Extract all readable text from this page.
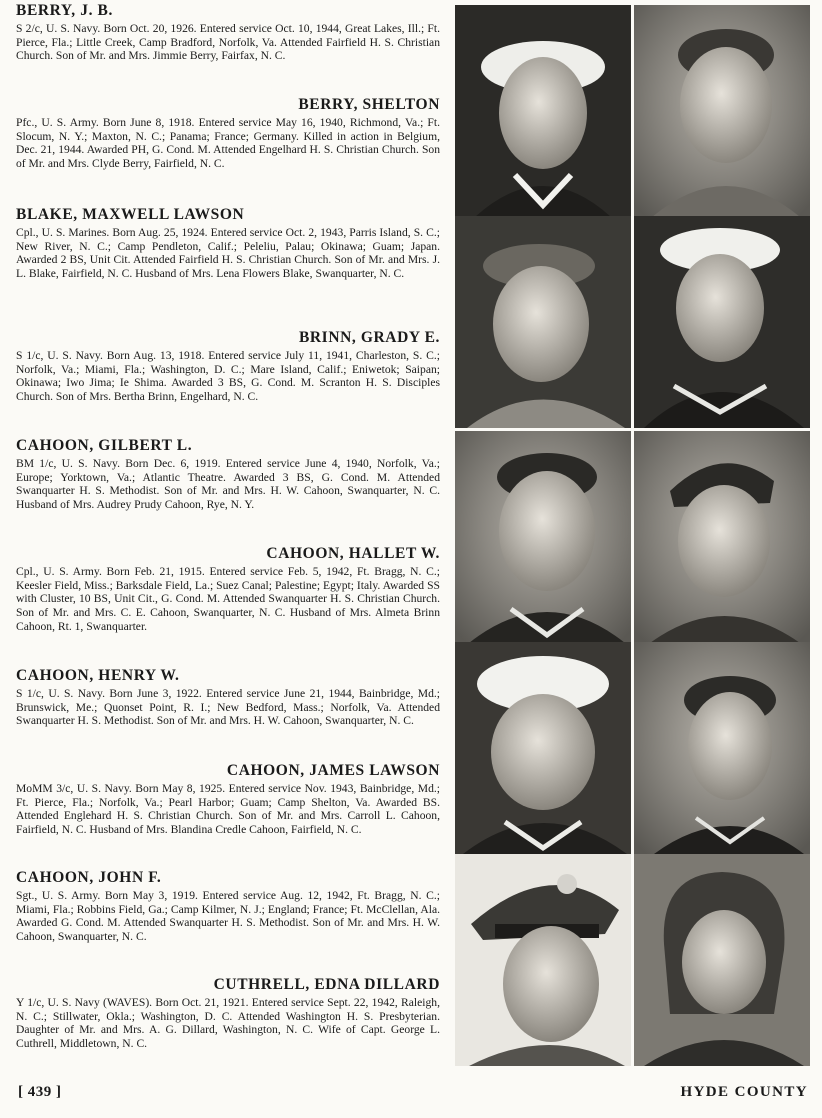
BERRY, J. B.

S 2/c, U. S. Navy. Born Oct. 20, 1926. Entered service Oct. 10, 1944, Great Lakes, Ill.; Ft. Pierce, Fla.; Little Creek, Camp Bradford, Norfolk, Va. Attended Fairfield H. S. Christian Church. Son of Mr. and Mrs. Jimmie Berry, Fairfax, N. C.

BERRY, SHELTON

Pfc., U. S. Army. Born June 8, 1918. Entered service May 16, 1940, Richmond, Va.; Ft. Slocum, N. Y.; Maxton, N. C.; Panama; France; Germany. Killed in action in Belgium, Dec. 21, 1944. Awarded PH, G. Cond. M. Attended Engelhard H. S. Christian Church. Son of Mr. and Mrs. Clyde Berry, Fairfield, N. C.

BLAKE, MAXWELL LAWSON

Cpl., U. S. Marines. Born Aug. 25, 1924. Entered service Oct. 2, 1943, Parris Island, S. C.; New River, N. C.; Camp Pendleton, Calif.; Peleliu, Palau; Okinawa; Guam; Japan. Awarded 2 BS, Unit Cit. Attended Fairfield H. S. Christian Church. Son of Mr. and Mrs. J. L. Blake, Fairfield, N. C. Husband of Mrs. Lena Flowers Blake, Swanquarter, N. C.

BRINN, GRADY E.

S 1/c, U. S. Navy. Born Aug. 13, 1918. Entered service July 11, 1941, Charleston, S. C.; Norfolk, Va.; Miami, Fla.; Washington, D. C.; Mare Island, Calif.; Eniwetok; Saipan; Okinawa; Iwo Jima; Ie Shima. Awarded 3 BS, G. Cond. M. Scranton H. S. Disciples Church. Son of Mrs. Bertha Brinn, Engelhard, N. C.

CAHOON, GILBERT L.

BM 1/c, U. S. Navy. Born Dec. 6, 1919. Entered service June 4, 1940, Norfolk, Va.; Europe; Yorktown, Va.; Atlantic Theatre. Awarded 3 BS, G. Cond. M. Attended Swanquarter H. S. Methodist. Son of Mr. and Mrs. H. W. Cahoon, Swanquarter, N. C. Husband of Mrs. Audrey Prudy Cahoon, Rye, N. Y.

CAHOON, HALLET W.

Cpl., U. S. Army. Born Feb. 21, 1915. Entered service Feb. 5, 1942, Ft. Bragg, N. C.; Keesler Field, Miss.; Barksdale Field, La.; Suez Canal; Palestine; Egypt; Italy. Awarded SS with Cluster, 10 BS, Unit Cit., G. Cond. M. Attended Swanquarter H. S. Christian Church. Son of Mr. and Mrs. C. E. Cahoon, Swanquarter, N. C. Husband of Mrs. Almeta Brinn Cahoon, Rt. 1, Swanquarter.

CAHOON, HENRY W.

S 1/c, U. S. Navy. Born June 3, 1922. Entered service June 21, 1944, Bainbridge, Md.; Brunswick, Me.; Quonset Point, R. I.; New Bedford, Mass.; Norfolk, Va. Attended Swanquarter H. S. Methodist. Son of Mr. and Mrs. H. W. Cahoon, Swanquarter, N. C.

CAHOON, JAMES LAWSON

MoMM 3/c, U. S. Navy. Born May 8, 1925. Entered service Nov. 1943, Bainbridge, Md.; Ft. Pierce, Fla.; Norfolk, Va.; Pearl Harbor; Guam; Camp Shelton, Va. Awarded BS. Attended Englehard H. S. Christian Church. Son of Mr. and Mrs. Carroll L. Cahoon, Fairfield, N. C. Husband of Mrs. Blandina Credle Cahoon, Fairfield, N. C.

CAHOON, JOHN F.

Sgt., U. S. Army. Born May 3, 1919. Entered service Aug. 12, 1942, Ft. Bragg, N. C.; Miami, Fla.; Robbins Field, Ga.; Camp Kilmer, N. J.; England; France; Ft. McClellan, Ala. Awarded G. Cond. M. Attended Swanquarter H. S. Methodist. Son of Mr. and Mrs. H. W. Cahoon, Swanquarter, N. C.

CUTHRELL, EDNA DILLARD

Y 1/c, U. S. Navy (WAVES). Born Oct. 21, 1921. Entered service Sept. 22, 1942, Raleigh, N. C.; Stillwater, Okla.; Washington, D. C. Attended Washington H. S. Presbyterian. Daughter of Mr. and Mrs. A. G. Dillard, Washington, N. C. Wife of Capt. George L. Cuthrell, Middletown, N. C.

[ 439 ]	HYDE COUNTY
